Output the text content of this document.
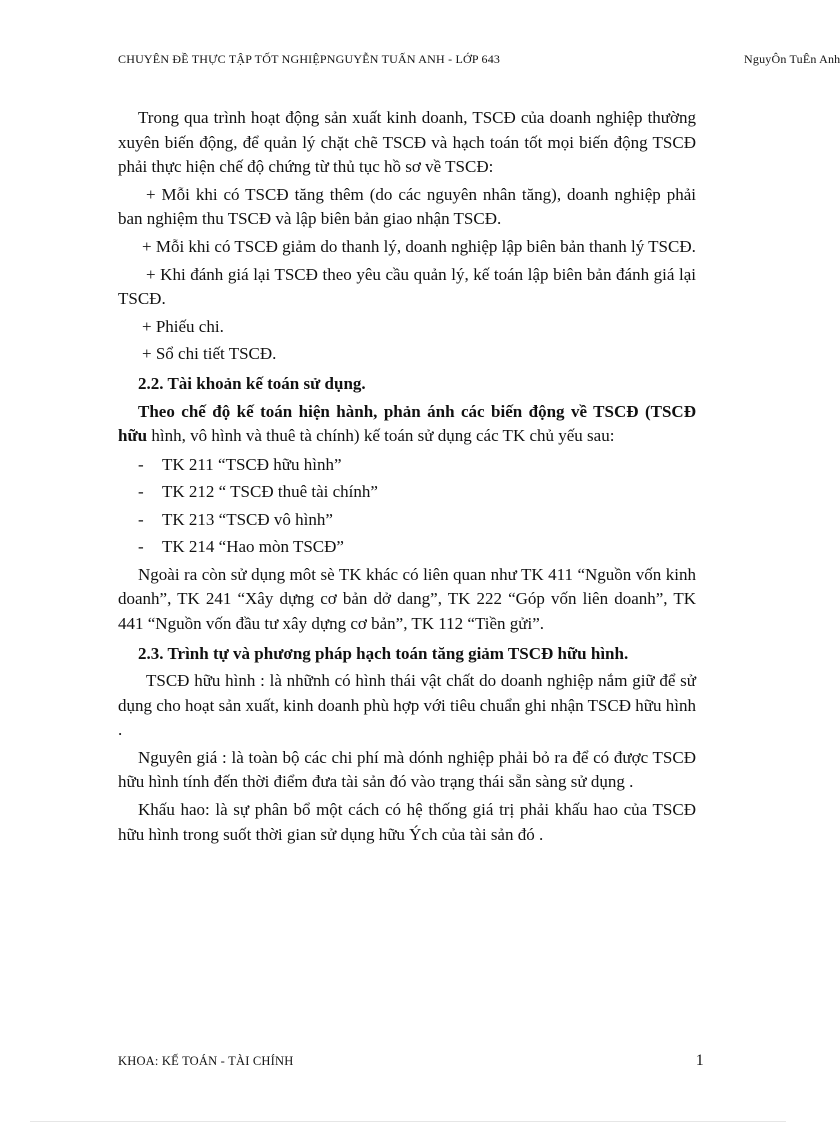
CHUYÊN ĐỀ THỰC TẬP TỐT NGHIỆPNGUYỄN TUẤN ANH - LỚP 643	NguyÔn TuÊn Anh

Trong qua trình hoạt động sản xuất kinh doanh, TSCĐ của doanh nghiệp thường xuyên biến động, để quản lý chặt chẽ TSCĐ và hạch toán tốt mọi biến động TSCĐ phải thực hiện chế độ chứng từ thủ tục hồ sơ về TSCĐ:

+ Mỗi khi có TSCĐ tăng thêm (do các nguyên nhân tăng), doanh nghiệp phải ban nghiệm thu TSCĐ và lập biên bản giao nhận TSCĐ.

+ Mỗi khi có TSCĐ giảm do thanh lý, doanh nghiệp lập biên bản thanh lý TSCĐ.

+ Khi đánh giá lại TSCĐ theo yêu cầu quản lý, kế toán lập biên bản đánh giá lại TSCĐ.

+ Phiếu chi.

+ Sổ chi tiết TSCĐ.

2.2. Tài khoản kế toán sử dụng.

Theo chế độ kế toán hiện hành, phản ánh các biến động về TSCĐ (TSCĐ hữu hình, vô hình và thuê tà chính) kế toán sử dụng các TK chủ yếu sau:

- TK 211 “TSCĐ hữu hình”
- TK 212 “ TSCĐ thuê tài chính”
- TK 213 “TSCĐ vô hình”
- TK 214 “Hao mòn TSCĐ”

Ngoài ra còn sử dụng môt sè TK khác có liên quan như TK 411 “Nguồn vốn kinh doanh”, TK 241 “Xây dựng cơ bản dở dang”, TK 222 “Góp vốn liên doanh”, TK 441 “Nguồn vốn đầu tư xây dựng cơ bản”, TK 112 “Tiền gửi”.

2.3. Trình tự và phương pháp hạch toán tăng giảm TSCĐ hữu hình.

TSCĐ hữu hình : là nhữnh có hình thái vật chất do doanh nghiệp nắm giữ để sử dụng cho hoạt sản xuất, kinh doanh phù hợp với tiêu chuẩn ghi nhận TSCĐ hữu hình .

Nguyên giá : là toàn bộ các chi phí mà dónh nghiệp phải bỏ ra để có được TSCĐ hữu hình tính đến thời điểm đưa tài sản đó vào trạng thái sẵn sàng sử dụng .

Khấu hao: là sự phân bổ một cách có hệ thống giá trị phải khấu hao của TSCĐ hữu hình trong suốt thời gian sử dụng hữu Ých của tài sản đó .

KHOA: KẾ TOÁN - TÀI CHÍNH	1
